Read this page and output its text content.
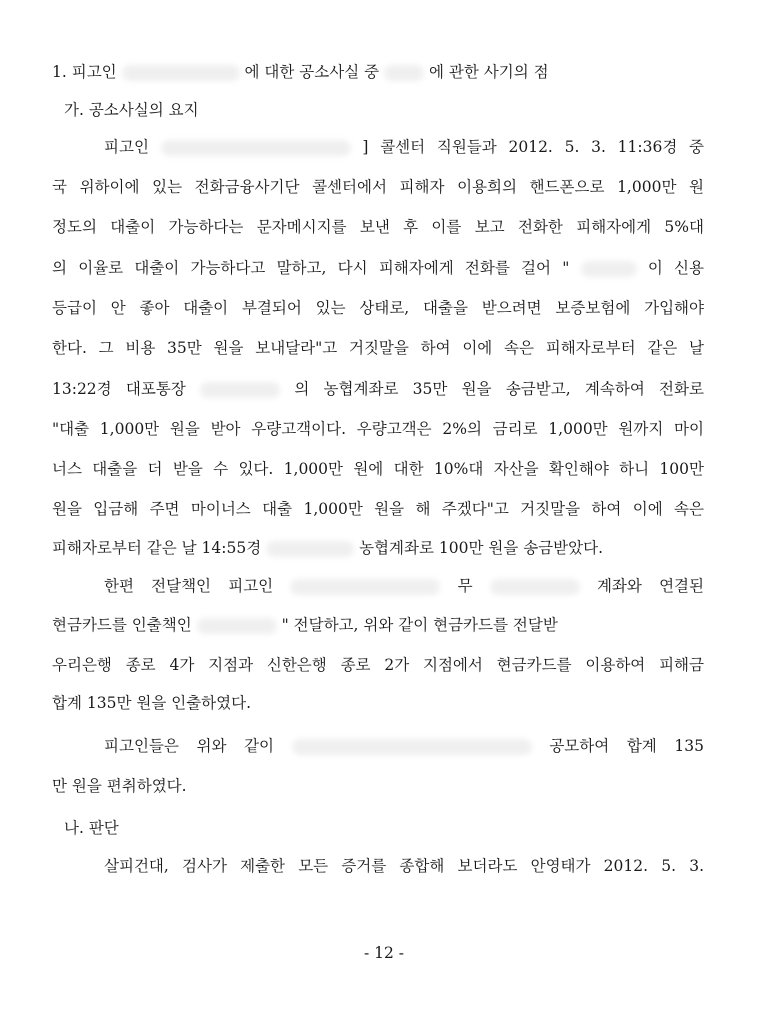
1. 피고인	에 대한 공소사실 중	에 관한 사기의 점
가. 공소사실의 요지
피고인	] 콜센터 직원들과 2012. 5. 3. 11:36경 중
국 위하이에 있는 전화금융사기단 콜센터에서 피해자 이용희의 핸드폰으로 1,000만 원
정도의 대출이 가능하다는 문자메시지를 보낸 후 이를 보고 전화한 피해자에게 5%대
의 이율로 대출이 가능하다고 말하고, 다시 피해자에게 전화를 걸어 "	이 신용
등급이 안 좋아 대출이 부결되어 있는 상태로, 대출을 받으려면 보증보험에 가입해야
한다. 그 비용 35만 원을 보내달라"고 거짓말을 하여 이에 속은 피해자로부터 같은 날
13:22경 대포통장	의 농협계좌로 35만 원을 송금받고, 계속하여 전화로
"대출 1,000만 원을 받아 우량고객이다. 우량고객은 2%의 금리로 1,000만 원까지 마이
너스 대출을 더 받을 수 있다. 1,000만 원에 대한 10%대 자산을 확인해야 하니 100만
원을 입금해 주면 마이너스 대출 1,000만 원을 해 주겠다"고 거짓말을 하여 이에 속은
피해자로부터 같은 날 14:55경	농협계좌로 100만 원을 송금받았다.
한편 전달책인 피고인	무	계좌와 연결된
현금카드를 인출책인	" 전달하고, 위와 같이 현금카드를 전달받
우리은행 종로 4가 지점과 신한은행 종로 2가 지점에서 현금카드를 이용하여 피해금
합계 135만 원을 인출하였다.
피고인들은 위와 같이	공모하여 합계 135
만 원을 편취하였다.
나. 판단
살피건대, 검사가 제출한 모든 증거를 종합해 보더라도 안영태가 2012. 5. 3.
- 12 -
